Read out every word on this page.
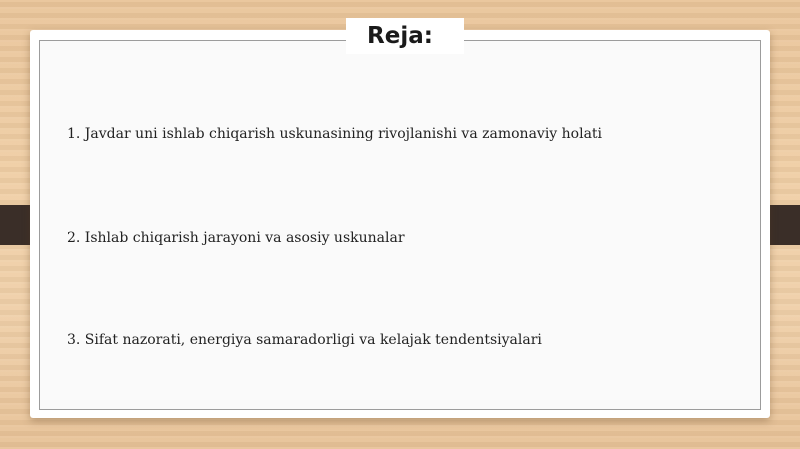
Reja:

1. Javdar uni ishlab chiqarish uskunasining rivojlanishi va zamonaviy holati

2. Ishlab chiqarish jarayoni va asosiy uskunalar

3. Sifat nazorati, energiya samaradorligi va kelajak tendentsiyalari
